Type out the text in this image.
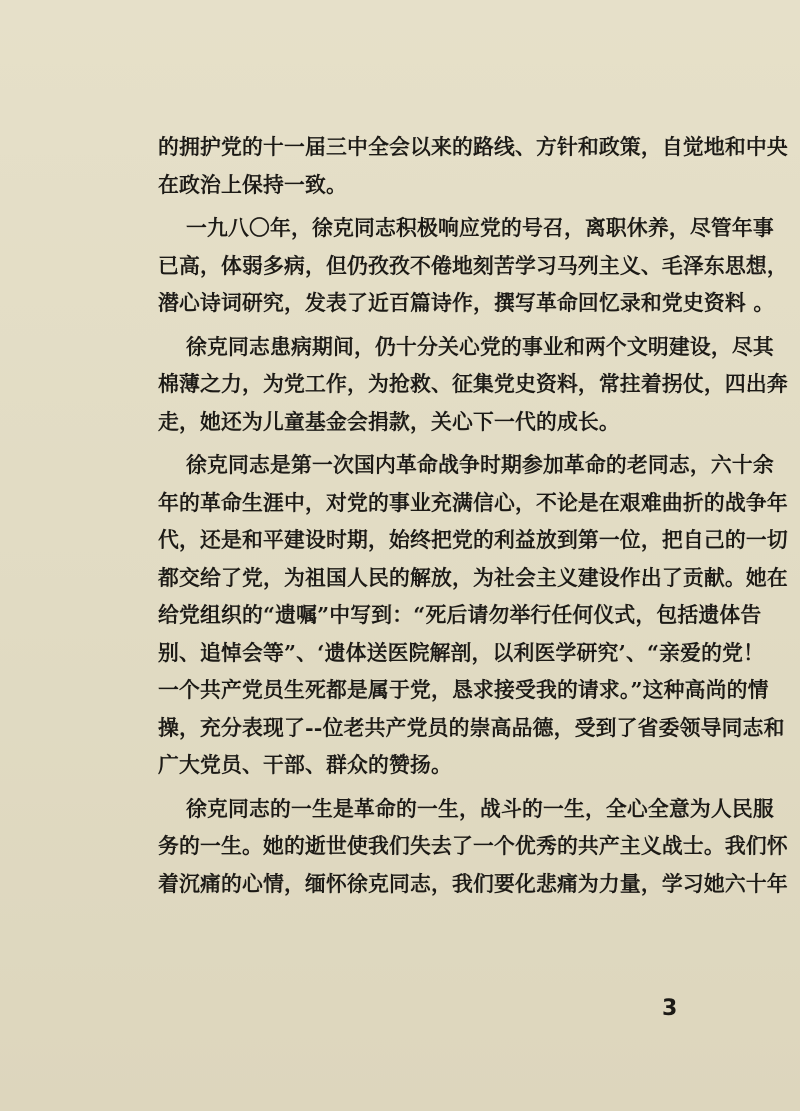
的拥护党的十一届三中全会以来的路线、方针和政策，自觉地和中央
在政治上保持一致。
一九八〇年，徐克同志积极响应党的号召，离职休养，尽管年事
已高，体弱多病，但仍孜孜不倦地刻苦学习马列主义、毛泽东思想，
潜心诗词研究，发表了近百篇诗作，撰写革命回忆录和党史资料 。
徐克同志患病期间，仍十分关心党的事业和两个文明建设，尽其
棉薄之力，为党工作，为抢救、征集党史资料，常拄着拐仗，四出奔
走，她还为儿童基金会捐款，关心下一代的成长。
徐克同志是第一次国内革命战争时期参加革命的老同志，六十余
年的革命生涯中，对党的事业充满信心，不论是在艰难曲折的战争年
代，还是和平建设时期，始终把党的利益放到第一位，把自己的一切
都交给了党，为祖国人民的解放，为社会主义建设作出了贡献。她在
给党组织的“遗嘱”中写到：“死后请勿举行任何仪式，包括遗体告
别、追悼会等”、‘遗体送医院解剖，以利医学研究’、“亲爱的党！
一个共产党员生死都是属于党，恳求接受我的请求。”这种高尚的情
操，充分表现了--位老共产党员的崇高品德，受到了省委领导同志和
广大党员、干部、群众的赞扬。
徐克同志的一生是革命的一生，战斗的一生，全心全意为人民服
务的一生。她的逝世使我们失去了一个优秀的共产主义战士。我们怀
着沉痛的心情，缅怀徐克同志，我们要化悲痛为力量，学习她六十年
3
